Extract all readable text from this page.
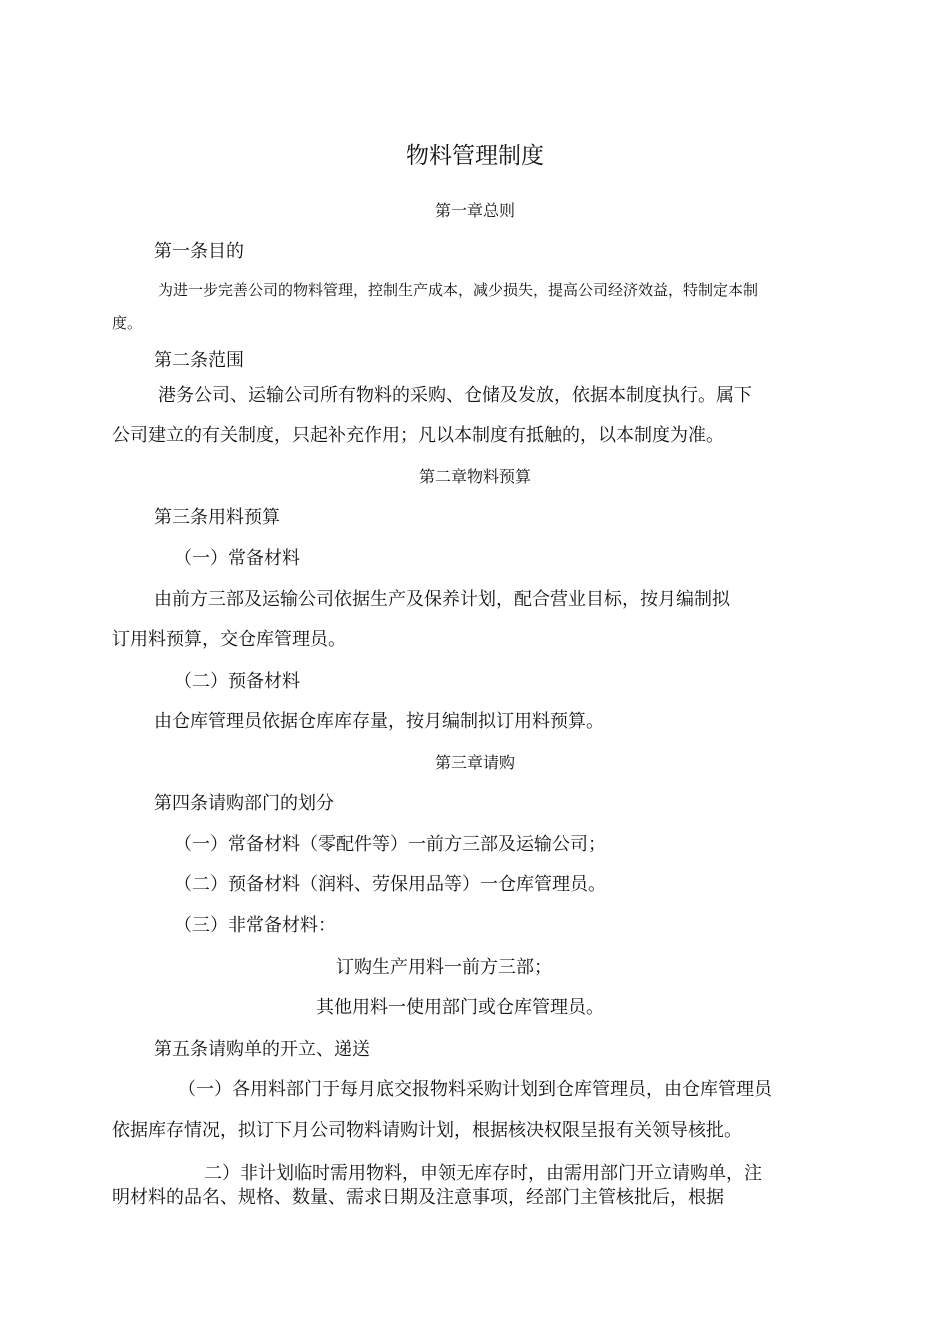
物料管理制度
第一章总则
第一条目的
为进一步完善公司的物料管理，控制生产成本，减少损失，提高公司经济效益，特制定本制
度。
第二条范围
港务公司、运输公司所有物料的采购、仓储及发放，依据本制度执行。属下
公司建立的有关制度，只起补充作用；凡以本制度有抵触的，以本制度为准。
第二章物料预算
第三条用料预算
（一）常备材料
由前方三部及运输公司依据生产及保养计划，配合营业目标，按月编制拟
订用料预算，交仓库管理员。
（二）预备材料
由仓库管理员依据仓库库存量，按月编制拟订用料预算。
第三章请购
第四条请购部门的划分
（一）常备材料（零配件等）一前方三部及运输公司；
（二）预备材料（润料、劳保用品等）一仓库管理员。
（三）非常备材料：
订购生产用料一前方三部；
其他用料一使用部门或仓库管理员。
第五条请购单的开立、递送
（一）各用料部门于每月底交报物料采购计划到仓库管理员，由仓库管理员
依据库存情况，拟订下月公司物料请购计划，根据核决权限呈报有关领导核批。
二）非计划临时需用物料，申领无库存时，由需用部门开立请购单，注
明材料的品名、规格、数量、需求日期及注意事项，经部门主管核批后，根据
